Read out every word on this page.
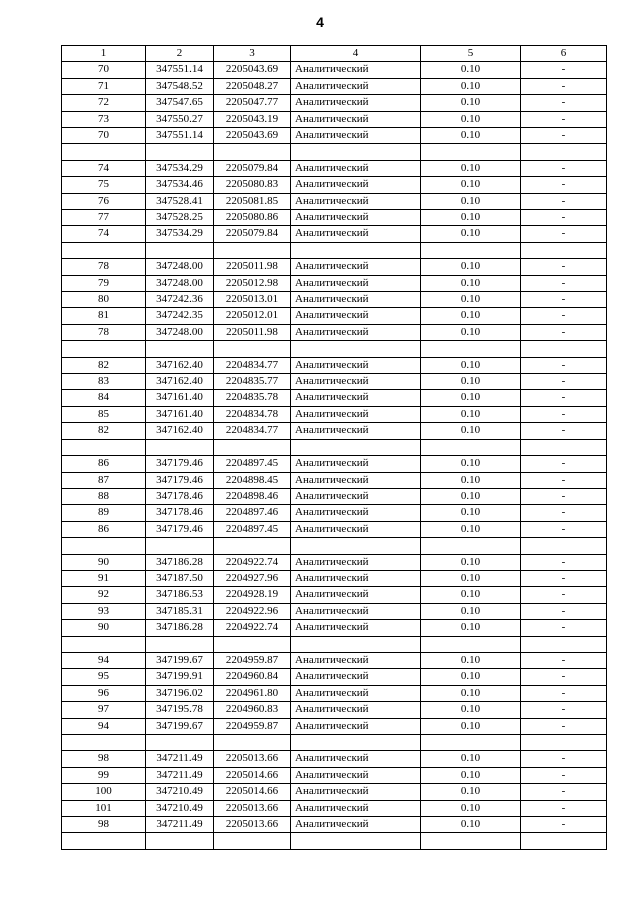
4
1	2	3	4	5	6
70	347551.14	2205043.69	Аналитический	0.10	-
71	347548.52	2205048.27	Аналитический	0.10	-
72	347547.65	2205047.77	Аналитический	0.10	-
73	347550.27	2205043.19	Аналитический	0.10	-
70	347551.14	2205043.69	Аналитический	0.10	-

74	347534.29	2205079.84	Аналитический	0.10	-
75	347534.46	2205080.83	Аналитический	0.10	-
76	347528.41	2205081.85	Аналитический	0.10	-
77	347528.25	2205080.86	Аналитический	0.10	-
74	347534.29	2205079.84	Аналитический	0.10	-

78	347248.00	2205011.98	Аналитический	0.10	-
79	347248.00	2205012.98	Аналитический	0.10	-
80	347242.36	2205013.01	Аналитический	0.10	-
81	347242.35	2205012.01	Аналитический	0.10	-
78	347248.00	2205011.98	Аналитический	0.10	-

82	347162.40	2204834.77	Аналитический	0.10	-
83	347162.40	2204835.77	Аналитический	0.10	-
84	347161.40	2204835.78	Аналитический	0.10	-
85	347161.40	2204834.78	Аналитический	0.10	-
82	347162.40	2204834.77	Аналитический	0.10	-

86	347179.46	2204897.45	Аналитический	0.10	-
87	347179.46	2204898.45	Аналитический	0.10	-
88	347178.46	2204898.46	Аналитический	0.10	-
89	347178.46	2204897.46	Аналитический	0.10	-
86	347179.46	2204897.45	Аналитический	0.10	-

90	347186.28	2204922.74	Аналитический	0.10	-
91	347187.50	2204927.96	Аналитический	0.10	-
92	347186.53	2204928.19	Аналитический	0.10	-
93	347185.31	2204922.96	Аналитический	0.10	-
90	347186.28	2204922.74	Аналитический	0.10	-

94	347199.67	2204959.87	Аналитический	0.10	-
95	347199.91	2204960.84	Аналитический	0.10	-
96	347196.02	2204961.80	Аналитический	0.10	-
97	347195.78	2204960.83	Аналитический	0.10	-
94	347199.67	2204959.87	Аналитический	0.10	-

98	347211.49	2205013.66	Аналитический	0.10	-
99	347211.49	2205014.66	Аналитический	0.10	-
100	347210.49	2205014.66	Аналитический	0.10	-
101	347210.49	2205013.66	Аналитический	0.10	-
98	347211.49	2205013.66	Аналитический	0.10	-
